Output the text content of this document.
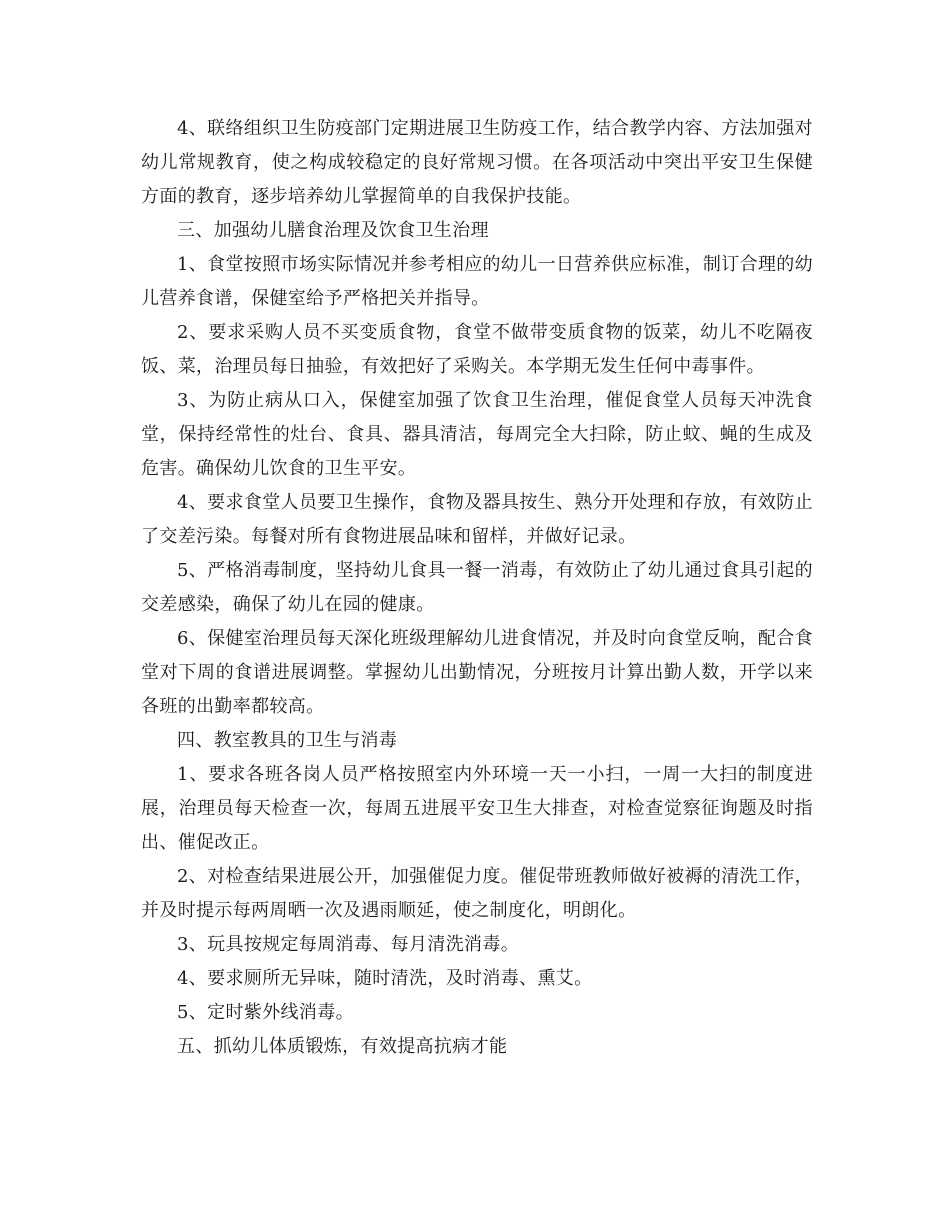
4、联络组织卫生防疫部门定期进展卫生防疫工作，结合教学内容、方法加强对幼儿常规教育，使之构成较稳定的良好常规习惯。在各项活动中突出平安卫生保健方面的教育，逐步培养幼儿掌握简单的自我保护技能。

三、加强幼儿膳食治理及饮食卫生治理

1、食堂按照市场实际情况并参考相应的幼儿一日营养供应标准，制订合理的幼儿营养食谱，保健室给予严格把关并指导。

2、要求采购人员不买变质食物，食堂不做带变质食物的饭菜，幼儿不吃隔夜饭、菜，治理员每日抽验，有效把好了采购关。本学期无发生任何中毒事件。

3、为防止病从口入，保健室加强了饮食卫生治理，催促食堂人员每天冲洗食堂，保持经常性的灶台、食具、器具清洁，每周完全大扫除，防止蚊、蝇的生成及危害。确保幼儿饮食的卫生平安。

4、要求食堂人员要卫生操作，食物及器具按生、熟分开处理和存放，有效防止了交差污染。每餐对所有食物进展品味和留样，并做好记录。

5、严格消毒制度，坚持幼儿食具一餐一消毒，有效防止了幼儿通过食具引起的交差感染，确保了幼儿在园的健康。

6、保健室治理员每天深化班级理解幼儿进食情况，并及时向食堂反响，配合食堂对下周的食谱进展调整。掌握幼儿出勤情况，分班按月计算出勤人数，开学以来各班的出勤率都较高。

四、教室教具的卫生与消毒

1、要求各班各岗人员严格按照室内外环境一天一小扫，一周一大扫的制度进展，治理员每天检查一次，每周五进展平安卫生大排查，对检查觉察征询题及时指出、催促改正。

2、对检查结果进展公开，加强催促力度。催促带班教师做好被褥的清洗工作，并及时提示每两周晒一次及遇雨顺延，使之制度化，明朗化。

3、玩具按规定每周消毒、每月清洗消毒。

4、要求厕所无异味，随时清洗，及时消毒、熏艾。

5、定时紫外线消毒。

五、抓幼儿体质锻炼，有效提高抗病才能
